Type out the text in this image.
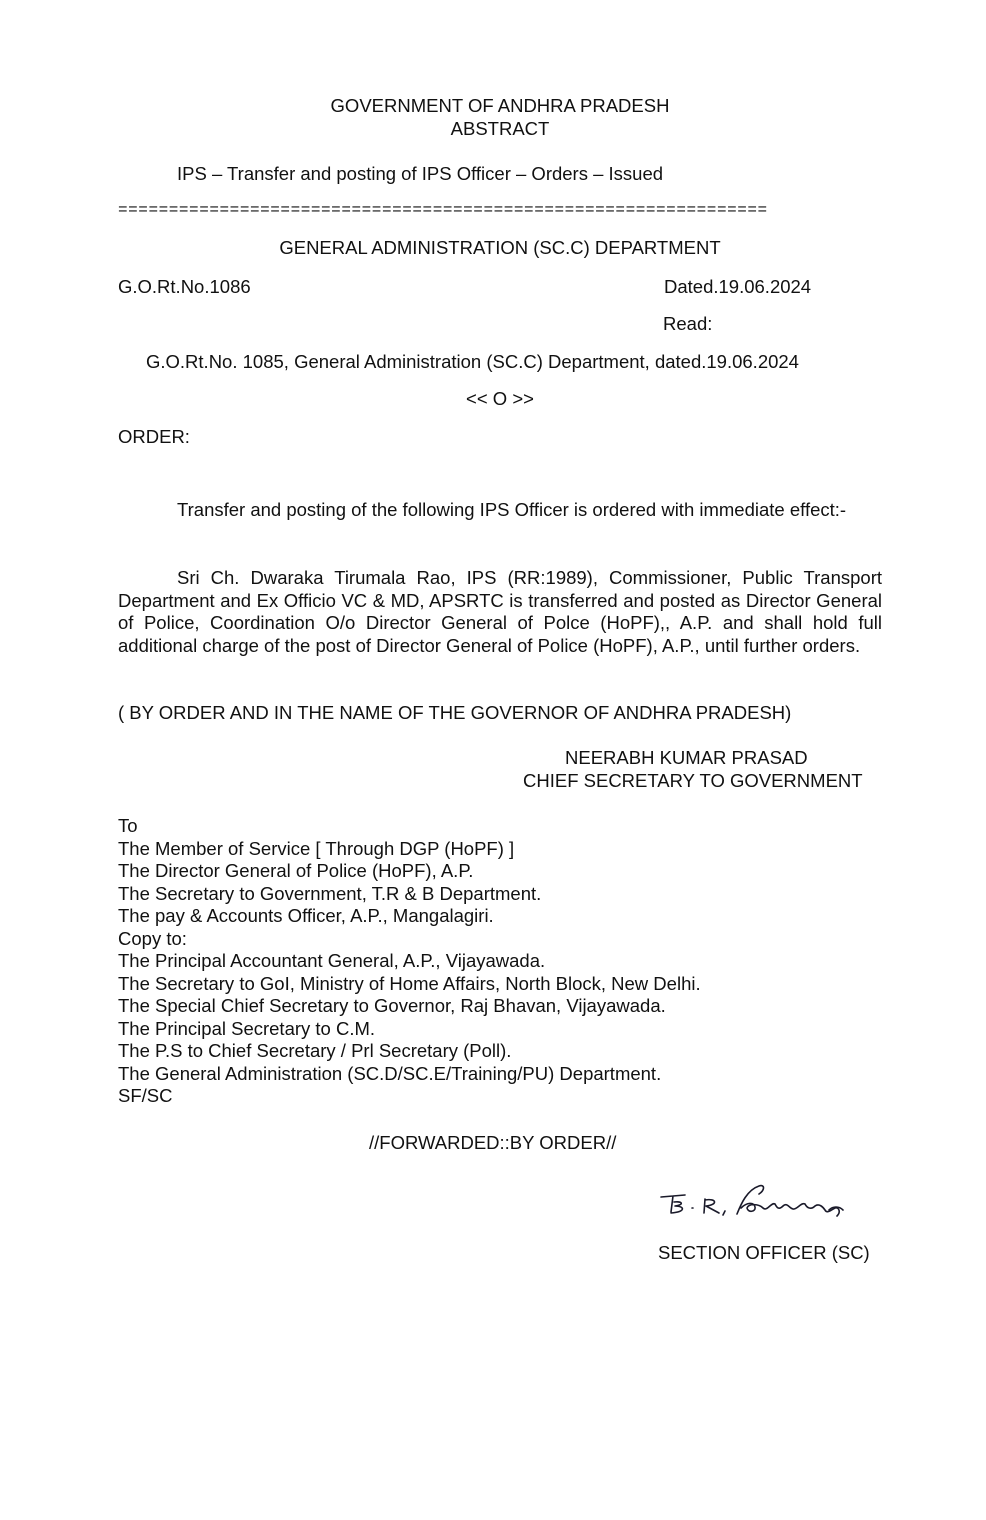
GOVERNMENT OF ANDHRA PRADESH
ABSTRACT
IPS – Transfer and posting of IPS Officer – Orders – Issued
================================================================
GENERAL ADMINISTRATION (SC.C) DEPARTMENT
G.O.Rt.No.1086	Dated.19.06.2024
Read:
G.O.Rt.No. 1085, General Administration (SC.C) Department, dated.19.06.2024
<< O >>
ORDER:
Transfer and posting of the following IPS Officer is ordered with immediate effect:-
Sri Ch. Dwaraka Tirumala Rao, IPS (RR:1989), Commissioner, Public Transport Department and Ex Officio VC & MD, APSRTC is transferred and posted as Director General of Police, Coordination O/o Director General of Polce (HoPF),, A.P. and shall hold full additional charge of the post of Director General of Police (HoPF), A.P., until further orders.
( BY ORDER AND IN THE NAME OF THE GOVERNOR OF ANDHRA PRADESH)
NEERABH KUMAR PRASAD
CHIEF SECRETARY TO GOVERNMENT
To
The Member of Service [ Through DGP (HoPF) ]
The Director General of Police (HoPF), A.P.
The Secretary to Government, T.R & B Department.
The pay & Accounts Officer, A.P., Mangalagiri.
Copy to:
The Principal Accountant General, A.P., Vijayawada.
The Secretary to GoI, Ministry of Home Affairs, North Block, New Delhi.
The Special Chief Secretary to Governor, Raj Bhavan, Vijayawada.
The Principal Secretary to C.M.
The P.S to Chief Secretary / Prl Secretary (Poll).
The General Administration (SC.D/SC.E/Training/PU) Department.
SF/SC
//FORWARDED::BY ORDER//
SECTION OFFICER (SC)
